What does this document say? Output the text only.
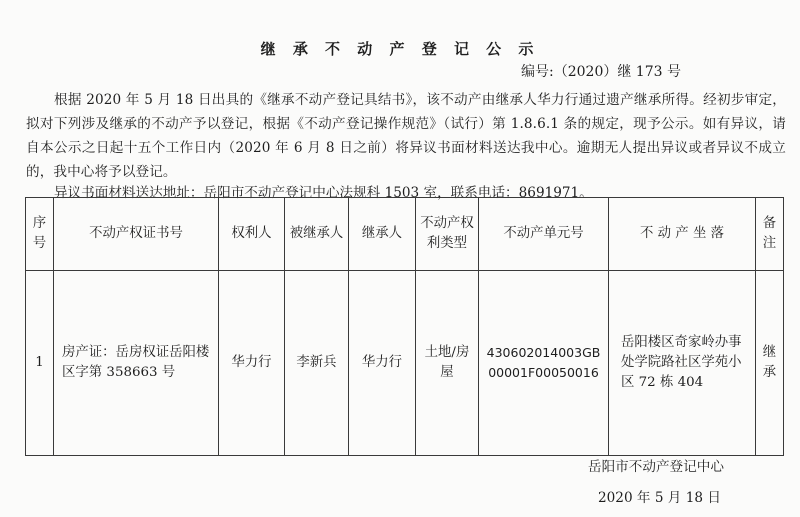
继 承 不 动 产 登 记 公 示
编号:（2020）继 173 号
根据 2020 年 5 月 18 日出具的《继承不动产登记具结书》，该不动产由继承人华力行通过遗产继承所得。经初步审定，拟对下列涉及继承的不动产予以登记，根据《不动产登记操作规范》（试行）第 1.8.6.1 条的规定，现予公示。如有异议，请自本公示之日起十五个工作日内（2020 年 6 月 8 日之前）将异议书面材料送达我中心。逾期无人提出异议或者异议不成立的，我中心将予以登记。
异议书面材料送达地址：岳阳市不动产登记中心法规科 1503 室，联系电话：8691971。
序号	不动产权证书号	权利人	被继承人	继承人	不动产权利类型	不动产单元号	不 动 产 坐 落	备注
1	房产证：岳房权证岳阳楼区字第 358663 号	华力行	李新兵	华力行	土地/房屋	430602014003GB00001F00050016	岳阳楼区奇家岭办事处学院路社区学苑小区 72 栋 404	继承
岳阳市不动产登记中心
2020 年 5 月 18 日
